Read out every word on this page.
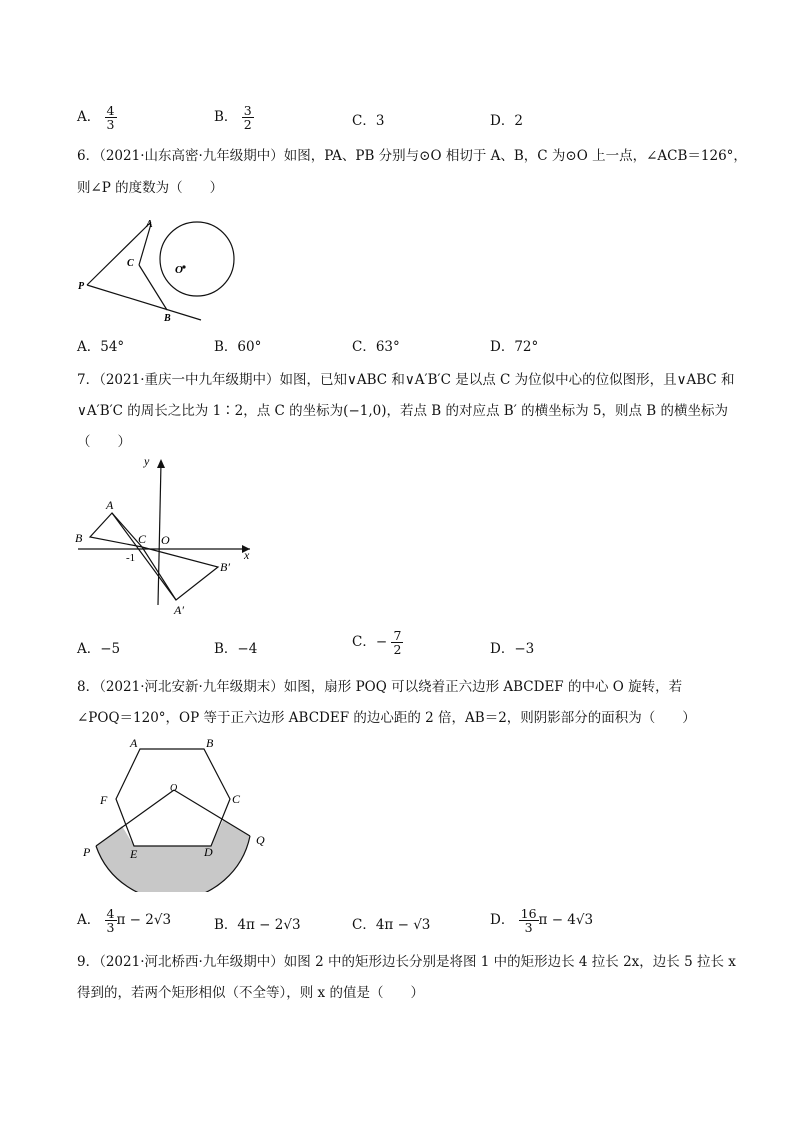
A． $\frac{4}{3}$	B． $\frac{3}{2}$	C．3	D．2
6．（2021·山东高密·九年级期中）如图，PA、PB 分别与⊙O 相切于 A、B，C 为⊙O 上一点，∠ACB＝126°，
则∠P 的度数为（　　）
A
C
O
P
B
A．54°	B．60°	C．63°	D．72°
7．（2021·重庆一中九年级期中）如图，已知∨ABC 和∨A′B′C 是以点 C 为位似中心的位似图形，且∨ABC 和
∨A′B′C 的周长之比为 1∶2，点 C 的坐标为(−1,0)，若点 B 的对应点 B′ 的横坐标为 5，则点 B 的横坐标为
（　　）
y
x
A
B	C O
-1
B′
A′
A．−5	B．−4	C．− $\frac{7}{2}$	D．−3
8．（2021·河北安新·九年级期末）如图，扇形 POQ 可以绕着正六边形 ABCDEF 的中心 O 旋转，若
∠POQ＝120°，OP 等于正六边形 ABCDEF 的边心距的 2 倍，AB＝2，则阴影部分的面积为（　　）
A	B
C
D
E
F
O
P
Q
A． $\frac{4}{3}$ π − 2√3	B．4π − 2√3	C．4π − √3	D． $\frac{16}{3}$ π − 4√3
9．（2021·河北桥西·九年级期中）如图 2 中的矩形边长分别是将图 1 中的矩形边长 4 拉长 2x，边长 5 拉长 x
得到的，若两个矩形相似（不全等），则 x 的值是（　　）
